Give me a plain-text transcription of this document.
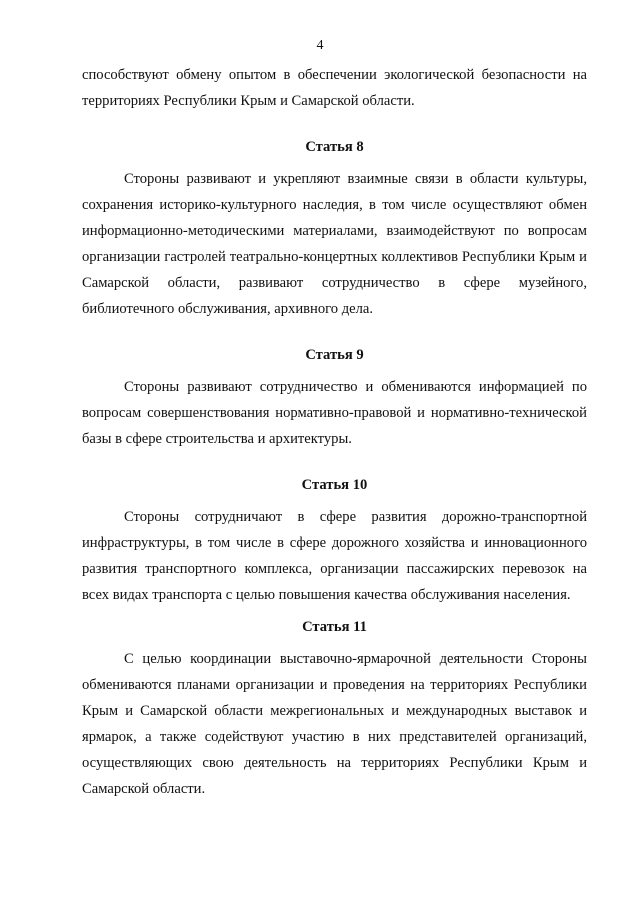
4

способствуют обмену опытом в обеспечении экологической безопасности на территориях Республики Крым и Самарской области.

Статья 8

Стороны развивают и укрепляют взаимные связи в области культуры, сохранения историко-культурного наследия, в том числе осуществляют обмен информационно-методическими материалами, взаимодействуют по вопросам организации гастролей театрально-концертных коллективов Республики Крым и Самарской области, развивают сотрудничество в сфере музейного, библиотечного обслуживания, архивного дела.

Статья 9

Стороны развивают сотрудничество и обмениваются информацией по вопросам совершенствования нормативно-правовой и нормативно-технической базы в сфере строительства и архитектуры.

Статья 10

Стороны сотрудничают в сфере развития дорожно-транспортной инфраструктуры, в том числе в сфере дорожного хозяйства и инновационного развития транспортного комплекса, организации пассажирских перевозок на всех видах транспорта с целью повышения качества обслуживания населения.

Статья 11

С целью координации выставочно-ярмарочной деятельности Стороны обмениваются планами организации и проведения на территориях Республики Крым и Самарской области межрегиональных и международных выставок и ярмарок, а также содействуют участию в них представителей организаций, осуществляющих свою деятельность на территориях Республики Крым и Самарской области.
